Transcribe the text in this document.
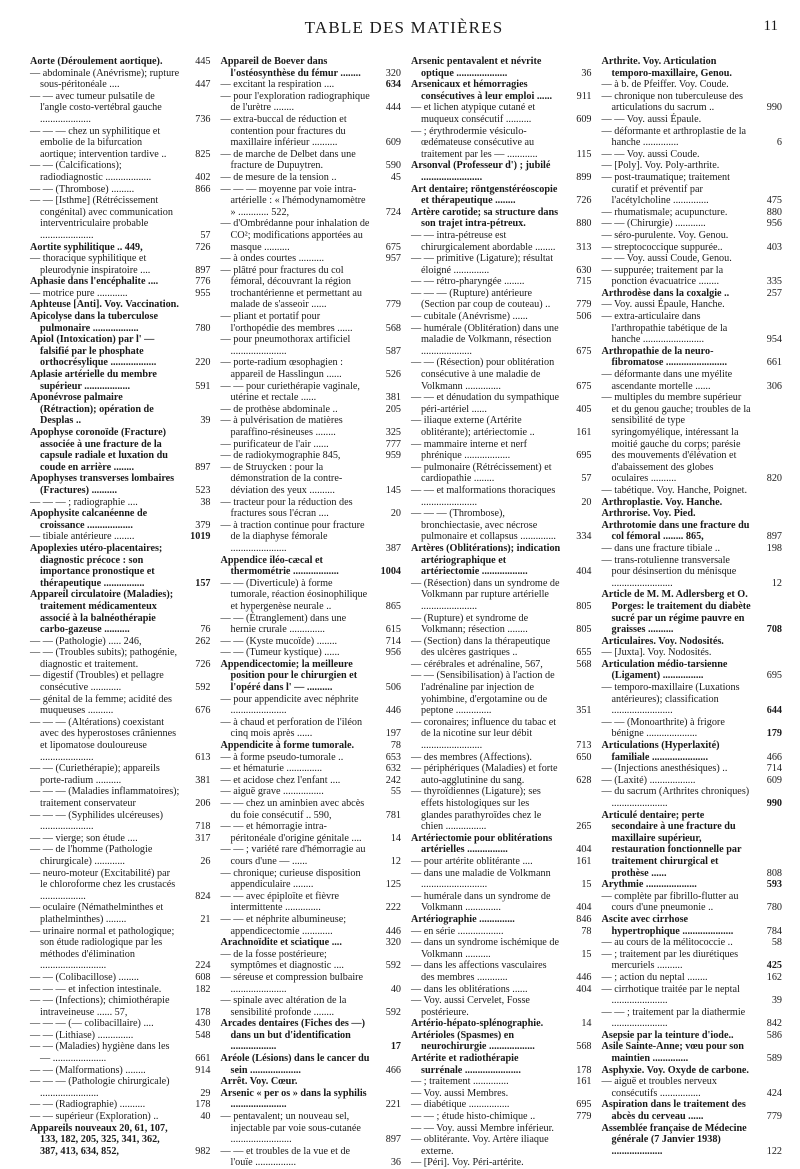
TABLE DES MATIÈRES	11
Aorte (Déroulement aortique).	445
— abdominale (Anévrisme); rupture sous-péritonéale ....	447
— — avec tumeur pulsatile de l'angle costo-vertébral gauche ....................	736
— — — chez un syphilitique et embolie de la bifurcation aortique; intervention tardive ..	825
— — (Calcifications); radiodiagnostic ..................	402
— — (Thrombose) .........	866
— — [Isthme] (Rétrécissement congénital) avec communication interventriculaire probable .....................	57
Aortite syphilitique .. 449,	726
— thoracique syphilitique et pleurodynie inspiratoire ....	897
Aphasie dans l'encéphalite ....	776
— motrice pure ............	955
Aphteuse [Anti]. Voy. Vaccination.
Apicolyse dans la tuberculose pulmonaire ..................	780
Apiol (Intoxication) par l' — falsifié par le phosphate orthocrésylique ..................	220
Aplasie artérielle du membre supérieur ..................	591
Aponévrose palmaire (Rétraction); opération de Desplas ..	39
Apophyse coronoïde (Fracture) associée à une fracture de la capsule radiale et luxation du coude en arrière ........	897
Apophyses transverses lombaires (Fractures) ..........	523
— — — ; radiographie ....	38
Apophysite calcanéenne de croissance ..................	379
— tibiale antérieure ........	1019
Apoplexies utéro-placentaires; diagnostic précoce : son importance pronostique et thérapeutique ................	157
Appareil circulatoire (Maladies); traitement médicamenteux associé à la balnéothérapie carbo-gazeuse ..........	76
— — (Pathologie) ..... 246,	262
— — (Troubles subits); pathogénie, diagnostic et traitement.	726
— digestif (Troubles) et pellagre consécutive ............	592
— génital de la femme; acidité des muqueuses ..........	676
— — — (Altérations) coexistant avec des hyperostoses crâniennes et lipomatose douloureuse .....................	613
— — (Curiethérapie); appareils porte-radium ..........	381
— — — (Maladies inflammatoires); traitement conservateur	206
— — — (Syphilides ulcéreuses) .....................	718
— — vierge; son étude ....	317
— — de l'homme (Pathologie chirurgicale) ............	26
— neuro-moteur (Excitabilité) par le chloroforme chez les crustacés ..................	824
— oculaire (Némathelminthes et plathelminthes) ........	21
— urinaire normal et pathologique; son étude radiologique par les méthodes d'élimination ..........................	224
— — (Colibacillose) ........	608
— — — et infection intestinale.	182
— — (Infections); chimiothérapie intraveineuse ...... 57,	178
— — — (— colibacillaire) ....	430
— — (Lithiase) ..............	548
— — (Maladies) hygiène dans les — .....................	661
— — (Malformations) ........	914
— — — (Pathologie chirurgicale) .......................	29
— — (Radiographie) ..........	178
— — supérieur (Exploration) ..	40
Appareils nouveaux 20, 61, 107, 133, 182, 205, 325, 341, 362, 387, 413, 634, 852,	982
Appareil de Boever dans l'ostéosynthèse du fémur ........	320
— excitant la respiration ....	634
— pour l'exploration radiographique de l'urètre ........	444
— extra-buccal de réduction et contention pour fractures du maxillaire inférieur ..........	609
— de marche de Delbet dans une fracture de Dupuytren.	590
— de mesure de la tension ..	45
— — — moyenne par voie intra-artérielle : « l'hémodynamomètre » ............ 522,	724
— d'Ombrédanne pour inhalation de CO²; modifications apportées au masque ..........	675
— à ondes courtes ..........	957
— plâtré pour fractures du col fémoral, découvrant la région trochantérienne et permettant au malade de s'asseoir ......	779
— pliant et portatif pour l'orthopédie des membres ......	568
— pour pneumothorax artificiel ......................	587
— porte-radium œsophagien : appareil de Hasslingun ......	526
— — pour curiethérapie vaginale, utérine et rectale ......	381
— de prothèse abdominale ..	205
— à pulvérisation de matières paraffino-résineuses ........	325
— purificateur de l'air ......	777
— de radiokymographie 845,	959
— de Struycken : pour la démonstration de la contre-déviation des yeux ..........	145
— tracteur pour la réduction des fractures sous l'écran ....	20
— à traction continue pour fracture de la diaphyse fémorale ......................	387
Appendice iléo-cæcal et thermométrie ..................	1004
— — (Diverticule) à forme tumorale, réaction éosinophilique et hypergenèse neurale ..	865
— — (Étranglement) dans une hernie crurale ..............	615
— — (Kyste mucoïde) ........	714
— — (Tumeur kystique) ......	956
Appendicectomie; la meilleure position pour le chirurgien et l'opéré dans l' — ..........	506
— pour appendicite avec néphrite ......................	446
— à chaud et perforation de l'iléon cinq mois après ......	197
Appendicite à forme tumorale.	78
— à forme pseudo-tumorale ..	653
— et hématurie ..............	632
— et acidose chez l'enfant ....	242
— aiguë grave ................	55
— — chez un aminbien avec abcès du foie consécutif .. 590,	781
— — et hémorragie intra-péritonéale d'origine génitale ....	14
— — ; variété rare d'hémorragie au cours d'une — ......	12
— chronique; curieuse disposition appendiculaire ........	125
— — avec épiploïte et fièvre intermittente ..............	222
— — et néphrite albumineuse; appendicectomie ............	446
Arachnoïdite et sciatique ....	320
— de la fosse postérieure; symptômes et diagnostic ....	592
— séreuse et compression bulbaire ......................	40
— spinale avec altération de la sensibilité profonde ........	592
Arcades dentaires (Fiches des —) dans un but d'identification ..................	17
Aréole (Lésions) dans le cancer du sein ....................	466
Arrêt. Voy. Cœur.
Arsenic « per os » dans la syphilis ......................	221
— pentavalent; un nouveau sel, injectable par voie sous-cutanée ........................	897
— — et troubles de la vue et de l'ouïe ................	36
Arsenic pentavalent et névrite optique ....................	36
Arsenicaux et hémorragies consécutives à leur emploi ......	911
— et lichen atypique cutané et muqueux consécutif ..........	609
— ; érythrodermie vésiculo-œdémateuse consécutive au traitement par les — ............	115
Arsonval (Professeur d') ; jubilé ........................	899
Art dentaire; röntgenstéréoscopie et thérapeutique ........	726
Artère carotide; sa structure dans son trajet intra-pétreux.	880
— — intra-pétreuse est chirurgicalement abordable ........	313
— — primitive (Ligature); résultat éloigné ..............	630
— — rétro-pharyngée ........	715
— — — (Rupture) antérieure (Section par coup de couteau) ..	779
— cubitale (Anévrisme) ......	506
— humérale (Oblitération) dans une maladie de Volkmann, résection ....................	675
— — (Résection) pour oblitération consécutive à une maladie de Volkmann ..............	675
— — et dénudation du sympathique péri-artériel ......	405
— iliaque externe (Artérite oblitérante); artériectomie ..	161
— mammaire interne et nerf phrénique ..................	695
— pulmonaire (Rétrécissement) et cardiopathie ........	57
— — et malformations thoraciques ......................	20
— — — (Thrombose), bronchiectasie, avec nécrose pulmonaire et collapsus ..............	334
Artères (Oblitérations); indication artériographique et artériectomie ..................	404
— (Résection) dans un syndrome de Volkmann par rupture artérielle ......................	805
— (Rupture) et syndrome de Volkmann; résection ........	805
— (Section) dans la thérapeutique des ulcères gastriques ..	655
— cérébrales et adrénaline, 567,	568
— — (Sensibilisation) à l'action de l'adrénaline par injection de yohimbine, d'ergotamine ou de peptone ..............	351
— coronaires; influence du tabac et de la nicotine sur leur débit ........................	713
— des membres (Affections).	650
— périphériques (Maladies) et forte auto-agglutinine du sang.	628
— thyroïdiennes (Ligature); ses effets histologiques sur les glandes parathyroïdes chez le chien ................	265
Artériectomie pour oblitérations artérielles ................	404
— pour artérite oblitérante ....	161
— dans une maladie de Volkmann ..........................	15
— humérale dans un syndrome de Volkmann ..............	404
Artériographie ..............	846
— en série ..................	78
— dans un syndrome ischémique de Volkmann ..........	15
— dans les affections vasculaires des membres ............	446
— dans les oblitérations ......	404
— Voy. aussi Cervelet, Fosse postérieure.
Artério-hépato-splénographie.	14
Artérioles (Spasmes) en neurochirurgie ..................	568
Artérite et radiothérapie surrénale ......................	178
— ; traitement ..............	161
— Voy. aussi Membres.
— diabétique ................	695
— — ; étude histo-chimique ..	779
— — Voy. aussi Membre inférieur.
— oblitérante. Voy. Artère iliaque externe.
— [Péri]. Voy. Péri-artérite.
Arthrite. Voy. Articulation temporo-maxillaire, Genou.
— à b. de Pfeiffer. Voy. Coude.
— chronique non tuberculeuse des articulations du sacrum ..	990
— — Voy. aussi Épaule.
— déformante et arthroplastie de la hanche ..............	6
— — Voy. aussi Coude.
— [Poly]. Voy. Poly-arthrite.
— post-traumatique; traitement curatif et préventif par l'acétylcholine ..............	475
— rhumatismale; acupuncture.	880
— — (Chirurgie) ............	956
— séro-purulente. Voy. Genou.
— streptococcique suppurée..	403
— — Voy. aussi Coude, Genou.
— suppurée; traitement par la ponction évacuatrice ........	335
Arthrodèse dans la coxalgie ..	257
— Voy. aussi Épaule, Hanche.
— extra-articulaire dans l'arthropathie tabétique de la hanche ........................	954
Arthropathie de la neuro-fibromatose ........................	661
— déformante dans une myélite ascendante mortelle ......	306
— multiples du membre supérieur et du genou gauche; troubles de la sensibilité de type syringomyélique, intéressant la moitié gauche du corps; parésie des mouvements d'élévation et d'abaissement des globes oculaires ..........	820
— tabétique. Voy. Hanche, Poignet.
Arthroplastie. Voy. Hanche.
Arthrorise. Voy. Pied.
Arthrotomie dans une fracture du col fémoral ........ 865,	897
— dans une fracture tibiale ..	198
— trans-rotulienne transversale pour désinsertion du ménisque ........................	12
Article de M. M. Adlersberg et O. Porges: le traitement du diabète sucré par un régime pauvre en graisses ..........	708
Articulaires. Voy. Nodosités.
— [Juxta]. Voy. Nodosités.
Articulation médio-tarsienne (Ligament) ................	695
— temporo-maxillaire (Luxations antérieures); classification ........................	644
— — (Monoarthrite) à frigore bénigne ....................	179
Articulations (Hyperlaxité) familiale ......................	466
— (Injections anesthésiques) ..	714
— (Laxité) ..................	609
— du sacrum (Arthrites chroniques) ......................	990
Articulé dentaire; perte secondaire à une fracture du maxillaire supérieur, restauration fonctionnelle par traitement chirurgical et prothèse ......	808
Arythmie ....................	593
— complète par fibrillo-flutter au cours d'une pneumonie ..	780
Ascite avec cirrhose hypertrophique ....................	784
— au cours de la mélitococcie ..	58
— ; traitement par les diurétiques mercuriels ..........	425
— ; action du neptal ........	162
— cirrhotique traitée par le neptal ......................	39
— — ; traitement par la diathermie ......................	842
Asepsie par la teinture d'iode..	586
Asile Sainte-Anne; vœu pour son maintien ..............	589
Asphyxie. Voy. Oxyde de carbone.
— aiguë et troubles nerveux consécutifs ................	424
Aspiration dans le traitement des abcès du cerveau ......	779
Assemblée française de Médecine générale (7 Janvier 1938) ....................	122
